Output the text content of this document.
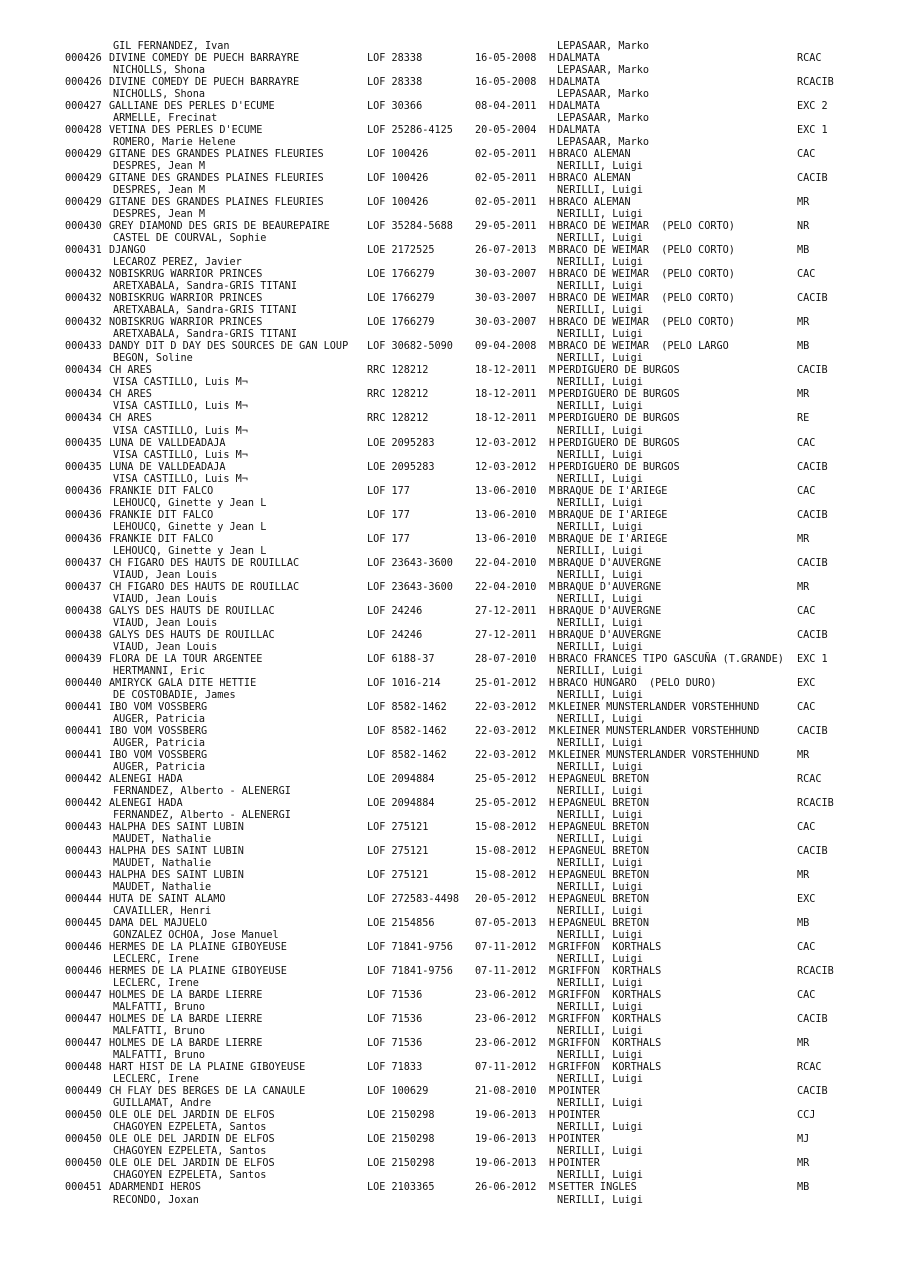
GIL FERNANDEZ, Ivan

	LEPASAAR, Marko

000426 DIVINE COMEDY DE PUECH BARRAYRE	LOF 28338	16-05-2008 H DALMATA	RCAC
NICHOLLS, Shona	LEPASAAR, Marko
000426 DIVINE COMEDY DE PUECH BARRAYRE	LOF 28338	16-05-2008 H DALMATA	RCACIB
NICHOLLS, Shona	LEPASAAR, Marko
000427 GALLIANE DES PERLES D'ECUME	LOF 30366	08-04-2011 H DALMATA	EXC 2
ARMELLE, Frecinat	LEPASAAR, Marko
000428 VETINA DES PERLES D'ECUME	LOF 25286-4125 20-05-2004 H DALMATA	EXC 1
ROMERO, Marie Helene	LEPASAAR, Marko
000429 GITANE DES GRANDES PLAINES FLEURIES	LOF 100426	02-05-2011 H BRACO ALEMAN	CAC
DESPRES, Jean M	NERILLI, Luigi
000429 GITANE DES GRANDES PLAINES FLEURIES	LOF 100426	02-05-2011 H BRACO ALEMAN	CACIB
DESPRES, Jean M	NERILLI, Luigi
000429 GITANE DES GRANDES PLAINES FLEURIES	LOF 100426	02-05-2011 H BRACO ALEMAN	MR
DESPRES, Jean M	NERILLI, Luigi
000430 GREY DIAMOND DES GRIS DE BEAUREPAIRE	LOF 35284-5688 29-05-2011 H BRACO DE WEIMAR  (PELO CORTO)	NR
CASTEL DE COURVAL, Sophie	NERILLI, Luigi
000431 DJANGO	LOE 2172525	26-07-2013 M BRACO DE WEIMAR  (PELO CORTO)	MB
LECAROZ PEREZ, Javier	NERILLI, Luigi
000432 NOBISKRUG WARRIOR PRINCES	LOE 1766279	30-03-2007 H BRACO DE WEIMAR  (PELO CORTO)	CAC
ARETXABALA, Sandra-GRIS TITANI	NERILLI, Luigi
000432 NOBISKRUG WARRIOR PRINCES	LOE 1766279	30-03-2007 H BRACO DE WEIMAR  (PELO CORTO)	CACIB
ARETXABALA, Sandra-GRIS TITANI	NERILLI, Luigi
000432 NOBISKRUG WARRIOR PRINCES	LOE 1766279	30-03-2007 H BRACO DE WEIMAR  (PELO CORTO)	MR
ARETXABALA, Sandra-GRIS TITANI	NERILLI, Luigi
000433 DANDY DIT D DAY DES SOURCES DE GAN LOUP LOF 30682-5090 09-04-2008 M BRACO DE WEIMAR  (PELO LARGO	MB
BEGON, Soline	NERILLI, Luigi
000434 CH ARES	RRC 128212	18-12-2011 M PERDIGUERO DE BURGOS	CACIB
VISA CASTILLO, Luis M¬	NERILLI, Luigi
000434 CH ARES	RRC 128212	18-12-2011 M PERDIGUERO DE BURGOS	MR
VISA CASTILLO, Luis M¬	NERILLI, Luigi
000434 CH ARES	RRC 128212	18-12-2011 M PERDIGUERO DE BURGOS	RE
VISA CASTILLO, Luis M¬	NERILLI, Luigi
000435 LUNA DE VALLDEADAJA	LOE 2095283	12-03-2012 H PERDIGUERO DE BURGOS	CAC
VISA CASTILLO, Luis M¬	NERILLI, Luigi
000435 LUNA DE VALLDEADAJA	LOE 2095283	12-03-2012 H PERDIGUERO DE BURGOS	CACIB
VISA CASTILLO, Luis M¬	NERILLI, Luigi
000436 FRANKIE DIT FALCO	LOF 177	13-06-2010 M BRAQUE DE I'ARIEGE	CAC
LEHOUCQ, Ginette y Jean L	NERILLI, Luigi
000436 FRANKIE DIT FALCO	LOF 177	13-06-2010 M BRAQUE DE I'ARIEGE	CACIB
LEHOUCQ, Ginette y Jean L	NERILLI, Luigi
000436 FRANKIE DIT FALCO	LOF 177	13-06-2010 M BRAQUE DE I'ARIEGE	MR
LEHOUCQ, Ginette y Jean L	NERILLI, Luigi
000437 CH FIGARO DES HAUTS DE ROUILLAC	LOF 23643-3600 22-04-2010 M BRAQUE D'AUVERGNE	CACIB
VIAUD, Jean Louis	NERILLI, Luigi
000437 CH FIGARO DES HAUTS DE ROUILLAC	LOF 23643-3600 22-04-2010 M BRAQUE D'AUVERGNE	MR
VIAUD, Jean Louis	NERILLI, Luigi
000438 GALYS DES HAUTS DE ROUILLAC	LOF 24246	27-12-2011 H BRAQUE D'AUVERGNE	CAC
VIAUD, Jean Louis	NERILLI, Luigi
000438 GALYS DES HAUTS DE ROUILLAC	LOF 24246	27-12-2011 H BRAQUE D'AUVERGNE	CACIB
VIAUD, Jean Louis	NERILLI, Luigi
000439 FLORA DE LA TOUR ARGENTEE	LOF 6188-37	28-07-2010 H BRACO FRANCES TIPO GASCUÑA (T.GRANDE) EXC 1
HERTMANNI, Eric	NERILLI, Luigi
000440 AMIRYCK GALA DITE HETTIE	LOF 1016-214	25-01-2012 H BRACO HUNGARO  (PELO DURO)	EXC
DE COSTOBADIE, James	NERILLI, Luigi
000441 IBO VOM VOSSBERG	LOF 8582-1462	22-03-2012 M KLEINER MUNSTERLANDER VORSTEHHUND	CAC
AUGER, Patricia	NERILLI, Luigi
000441 IBO VOM VOSSBERG	LOF 8582-1462	22-03-2012 M KLEINER MUNSTERLANDER VORSTEHHUND	CACIB
AUGER, Patricia	NERILLI, Luigi
000441 IBO VOM VOSSBERG	LOF 8582-1462	22-03-2012 M KLEINER MUNSTERLANDER VORSTEHHUND	MR
AUGER, Patricia	NERILLI, Luigi
000442 ALENEGI HADA	LOE 2094884	25-05-2012 H EPAGNEUL BRETON	RCAC
FERNANDEZ, Alberto - ALENERGI	NERILLI, Luigi
000442 ALENEGI HADA	LOE 2094884	25-05-2012 H EPAGNEUL BRETON	RCACIB
FERNANDEZ, Alberto - ALENERGI	NERILLI, Luigi
000443 HALPHA DES SAINT LUBIN	LOF 275121	15-08-2012 H EPAGNEUL BRETON	CAC
MAUDET, Nathalie	NERILLI, Luigi
000443 HALPHA DES SAINT LUBIN	LOF 275121	15-08-2012 H EPAGNEUL BRETON	CACIB
MAUDET, Nathalie	NERILLI, Luigi
000443 HALPHA DES SAINT LUBIN	LOF 275121	15-08-2012 H EPAGNEUL BRETON	MR
MAUDET, Nathalie	NERILLI, Luigi
000444 HUTA DE SAINT ALAMO	LOF 272583-4498 20-05-2012 H EPAGNEUL BRETON	EXC
CAVAILLER, Henri	NERILLI, Luigi
000445 DAMA DEL MAJUELO	LOE 2154856	07-05-2013 H EPAGNEUL BRETON	MB
GONZALEZ OCHOA, Jose Manuel	NERILLI, Luigi
000446 HERMES DE LA PLAINE GIBOYEUSE	LOF 71841-9756 07-11-2012 M GRIFFON  KORTHALS	CAC
LECLERC, Irene	NERILLI, Luigi
000446 HERMES DE LA PLAINE GIBOYEUSE	LOF 71841-9756 07-11-2012 M GRIFFON  KORTHALS	RCACIB
LECLERC, Irene	NERILLI, Luigi
000447 HOLMES DE LA BARDE LIERRE	LOF 71536	23-06-2012 M GRIFFON  KORTHALS	CAC
MALFATTI, Bruno	NERILLI, Luigi
000447 HOLMES DE LA BARDE LIERRE	LOF 71536	23-06-2012 M GRIFFON  KORTHALS	CACIB
MALFATTI, Bruno	NERILLI, Luigi
000447 HOLMES DE LA BARDE LIERRE	LOF 71536	23-06-2012 M GRIFFON  KORTHALS	MR
MALFATTI, Bruno	NERILLI, Luigi
000448 HART HIST DE LA PLAINE GIBOYEUSE	LOF 71833	07-11-2012 H GRIFFON  KORTHALS	RCAC
LECLERC, Irene	NERILLI, Luigi
000449 CH FLAY DES BERGES DE LA CANAULE	LOF 100629	21-08-2010 M POINTER	CACIB
GUILLAMAT, Andre	NERILLI, Luigi
000450 OLE OLE DEL JARDIN DE ELFOS	LOE 2150298	19-06-2013 H POINTER	CCJ
CHAGOYEN EZPELETA, Santos	NERILLI, Luigi
000450 OLE OLE DEL JARDIN DE ELFOS	LOE 2150298	19-06-2013 H POINTER	MJ
CHAGOYEN EZPELETA, Santos	NERILLI, Luigi
000450 OLE OLE DEL JARDIN DE ELFOS	LOE 2150298	19-06-2013 H POINTER	MR
CHAGOYEN EZPELETA, Santos	NERILLI, Luigi
000451 ADARMENDI HEROS	LOE 2103365	26-06-2012 M SETTER INGLES	MB
RECONDO, Joxan	NERILLI, Luigi
